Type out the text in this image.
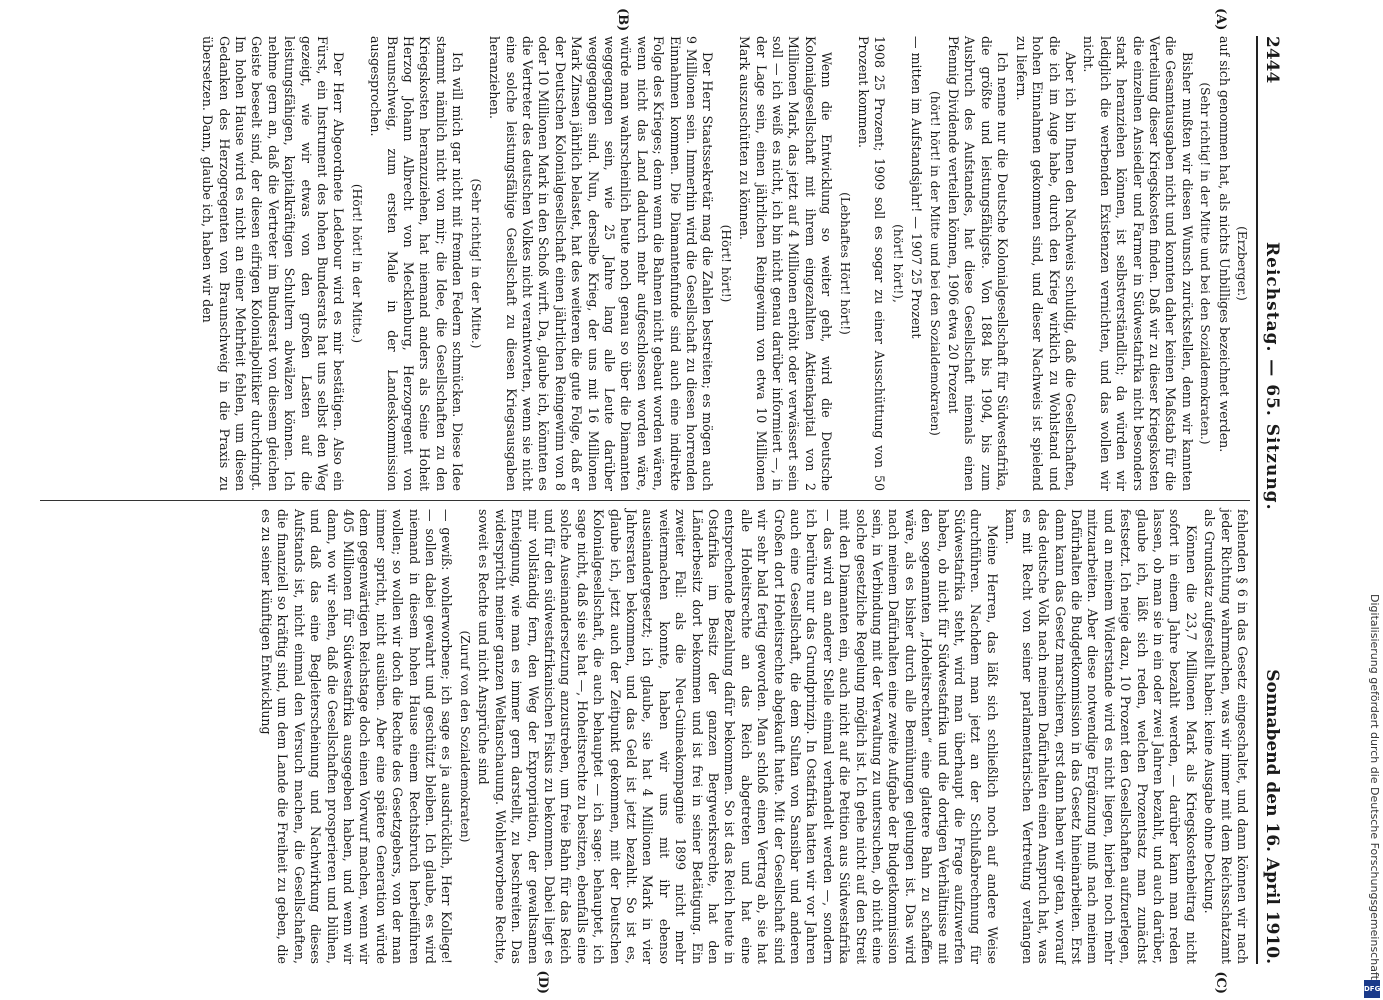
2444
Reichstag. — 65. Sitzung.
Sonnabend den 16. April 1910.
(A)
(B)

(Erzberger.)

auf sich genommen hat, als nichts Unbilliges bezeichnet werden.

(Sehr richtig! in der Mitte und bei den Sozialdemokraten.)

Bisher mußten wir diesen Wunsch zurückstellen, denn wir kannten die Gesamtausgaben nicht und konnten daher keinen Maßstab für die Verteilung dieser Kriegskosten finden. Daß wir zu dieser Kriegskosten die einzelnen Ansiedler und Farmer in Südwestafrika nicht besonders stark heranziehen können, ist selbstverständlich; da würden wir lediglich die werbenden Existenzen vernichten, und das wollen wir nicht.

Aber ich bin Ihnen den Nachweis schuldig, daß die Gesellschaften, die ich im Auge habe, durch den Krieg wirklich zu Wohlstand und hohen Einnahmen gekommen sind, und dieser Nachweis ist spielend zu liefern.

Ich nenne nur die Deutsche Kolonialgesellschaft für Südwestafrika, die größte und leistungsfähigste. Von 1884 bis 1904, bis zum Ausbruch des Aufstandes, hat diese Gesellschaft niemals einen Pfennig Dividende verteilen können, 1906 etwa 20 Prozent

(hört! hört! in der Mitte und bei den Sozialdemokraten)

— mitten im Aufstandsjahr! — 1907 25 Prozent

(hört! hört!),

1908 25 Prozent; 1909 soll es sogar zu einer Ausschüttung von 50 Prozent kommen.

(Lebhaftes Hört! hört!)

Wenn die Entwicklung so weiter geht, wird die Deutsche Kolonialgesellschaft mit ihrem eingezahlten Aktienkapital von 2 Millionen Mark, das jetzt auf 4 Millionen erhöht oder verwässert sein soll — ich weiß es nicht, ich bin nicht genau darüber informiert —, in der Lage sein, einen jährlichen Reingewinn von etwa 10 Millionen Mark auszuschütten zu können.

(Hört! hört!)

Der Herr Staatssekretär mag die Zahlen bestreiten; es mögen auch 9 Millionen sein. Immerhin wird die Gesellschaft zu diesen horrenden Einnahmen kommen. Die Diamantenfunde sind auch eine indirekte Folge des Krieges; denn wenn die Bahnen nicht gebaut worden wären, wenn nicht das Land dadurch mehr aufgeschlossen worden wäre, würde man wahrscheinlich heute noch genau so über die Diamanten weggegangen sein, wie 25 Jahre lang alle Leute darüber weggegangen sind. Nun, derselbe Krieg, der uns mit 16 Millionen Mark Zinsen jährlich belastet, hat des weiteren die gute Folge, daß er der Deutschen Kolonialgesellschaft einen jährlichen Reingewinn von 8 oder 10 Millionen Mark in den Schoß wirft. Da, glaube ich, könnten es die Vertreter des deutschen Volkes nicht verantworten, wenn sie nicht eine solche leistungsfähige Gesellschaft zu diesen Kriegsausgaben heranziehen.

(Sehr richtig! in der Mitte.)

Ich will mich gar nicht mit fremden Federn schmücken. Diese Idee stammt nämlich nicht von mir; die Idee, die Gesellschaften zu den Kriegskosten heranzuziehen, hat niemand anders als Seine Hoheit Herzog Johann Albrecht von Mecklenburg, Herzogregent von Braunschweig, zum ersten Male in der Landeskommission ausgesprochen.

(Hört! hört! in der Mitte.)

Der Herr Abgeordnete Ledebour wird es mir bestätigen. Also ein Fürst, ein Instrument des hohen Bundesrats hat uns selbst den Weg gezeigt, wie wir etwas von den großen Lasten auf die leistungsfähigen, kapitalkräftigen Schultern abwälzen können. Ich nehme gern an, daß die Vertreter im Bundesrat von diesem gleichen Geiste beseelt sind, der diesen eifrigen Kolonialpolitiker durchdringt. Im hohen Hause wird es nicht an einer Mehrheit fehlen, um diesen Gedanken des Herzogregenten von Braunschweig in die Praxis zu übersetzen. Dann, glaube ich, haben wir den

(C)
(D)

fehlenden § 6 in das Gesetz eingeschaltet, und dann können wir nach jeder Richtung wahrmachen, was wir immer mit dem Reichsschatzamt als Grundsatz aufgestellt haben: keine Ausgabe ohne Deckung.

Können die 23,7 Millionen Mark als Kriegskostenbeitrag nicht sofort in einem Jahre bezahlt werden, — darüber kann man reden lassen, ob man sie in ein oder zwei Jahren bezahlt, und auch darüber, glaube ich, läßt sich reden, welchen Prozentsatz man zunächst festsetzt. Ich neige dazu, 10 Prozent den Gesellschaften aufzuerlegen, und an meinem Widerstande wird es nicht liegen, hierbei noch mehr mitzuarbeiten. Aber diese notwendige Ergänzung muß nach meinem Dafürhalten die Budgetkommission in das Gesetz hineinarbeiten. Erst dann kann das Gesetz marschieren, erst dann haben wir getan, worauf das deutsche Volk nach meinem Dafürhalten einen Anspruch hat, was es mit Recht von seiner parlamentarischen Vertretung verlangen kann.

Meine Herren, das läßt sich schließlich noch auf andere Weise durchführen. Nachdem man jetzt an der Schlußabrechnung für Südwestafrika steht, wird man überhaupt die Frage aufzuwerfen haben, ob nicht für Südwestafrika und die dortigen Verhältnisse mit den sogenannten „Hoheitsrechten“ eine glattere Bahn zu schaffen wäre, als es bisher durch alle Bemühungen gelungen ist. Das wird nach meinem Dafürhalten eine zweite Aufgabe der Budgetkommission sein, in Verbindung mit der Verwaltung zu untersuchen, ob nicht eine solche gesetzliche Regelung möglich ist. Ich gehe nicht auf den Streit mit den Diamanten ein, auch nicht auf die Petition aus Südwestafrika — das wird an anderer Stelle einmal verhandelt werden —, sondern ich berühre nur das Grundprinzip. In Ostafrika hatten wir vor Jahren auch eine Gesellschaft, die dem Sultan von Sansibar und anderen Großen dort Hoheitsrechte abgekauft hatte. Mit der Gesellschaft sind wir sehr bald fertig geworden. Man schloß einen Vertrag ab, sie hat alle Hoheitsrechte an das Reich abgetreten und hat eine entsprechende Bezahlung dafür bekommen. So ist das Reich heute in Ostafrika im Besitz der ganzen Bergwerksrechte, hat den Länderbesitz dort bekommen und ist frei in seiner Betätigung. Ein zweiter Fall: als die Neu-Guineakompagnie 1899 nicht mehr weitermachen konnte, haben wir uns mit ihr ebenso auseinandergesetzt; ich glaube, sie hat 4 Millionen Mark in vier Jahresraten bekommen, und das Geld ist jetzt bezahlt. So ist es, glaube ich, jetzt auch der Zeitpunkt gekommen, mit der Deutschen Kolonialgesellschaft, die auch behauptet — ich sage: behauptet, ich sage nicht, daß sie sie hat —, Hoheitsrechte zu besitzen, ebenfalls eine solche Auseinandersetzung anzustreben, um freie Bahn für das Reich und für den südwestafrikanischen Fiskus zu bekommen. Dabei liegt es mir vollständig fern, den Weg der Expropriation, der gewaltsamen Enteignung, wie man es immer gern darstellt, zu beschreiten. Das widerspricht meiner ganzen Weltanschauung. Wohlerworbene Rechte, soweit es Rechte und nicht Ansprüche sind

(Zuruf von den Sozialdemokraten)

— gewiß: wohlerworbene; ich sage es ja ausdrücklich, Herr Kollege! — sollen dabei gewahrt und geschützt bleiben. Ich glaube, es wird niemand in diesem hohen Hause einem Rechtsbruch herbeiführen wollen; so wollen wir doch die Rechte des Gesetzgebers, von der man immer spricht, nicht ausüben. Aber eine spätere Generation würde dem gegenwärtigen Reichstage doch einen Vorwurf machen, wenn wir 405 Millionen für Südwestafrika ausgegeben haben, und wenn wir dann, wo wir sehen, daß die Gesellschaften prosperieren und blühen, und daß das eine Begleiterscheinung und Nachwirkung dieses Aufstands ist, nicht einmal den Versuch machen, die Gesellschaften, die finanziell so kräftig sind, um dem Lande die Freiheit zu geben, die es zu seiner künftigen Entwicklung	Digitalisierung gefördert durch die Deutsche Forschungsgemeinschaft
DFG
